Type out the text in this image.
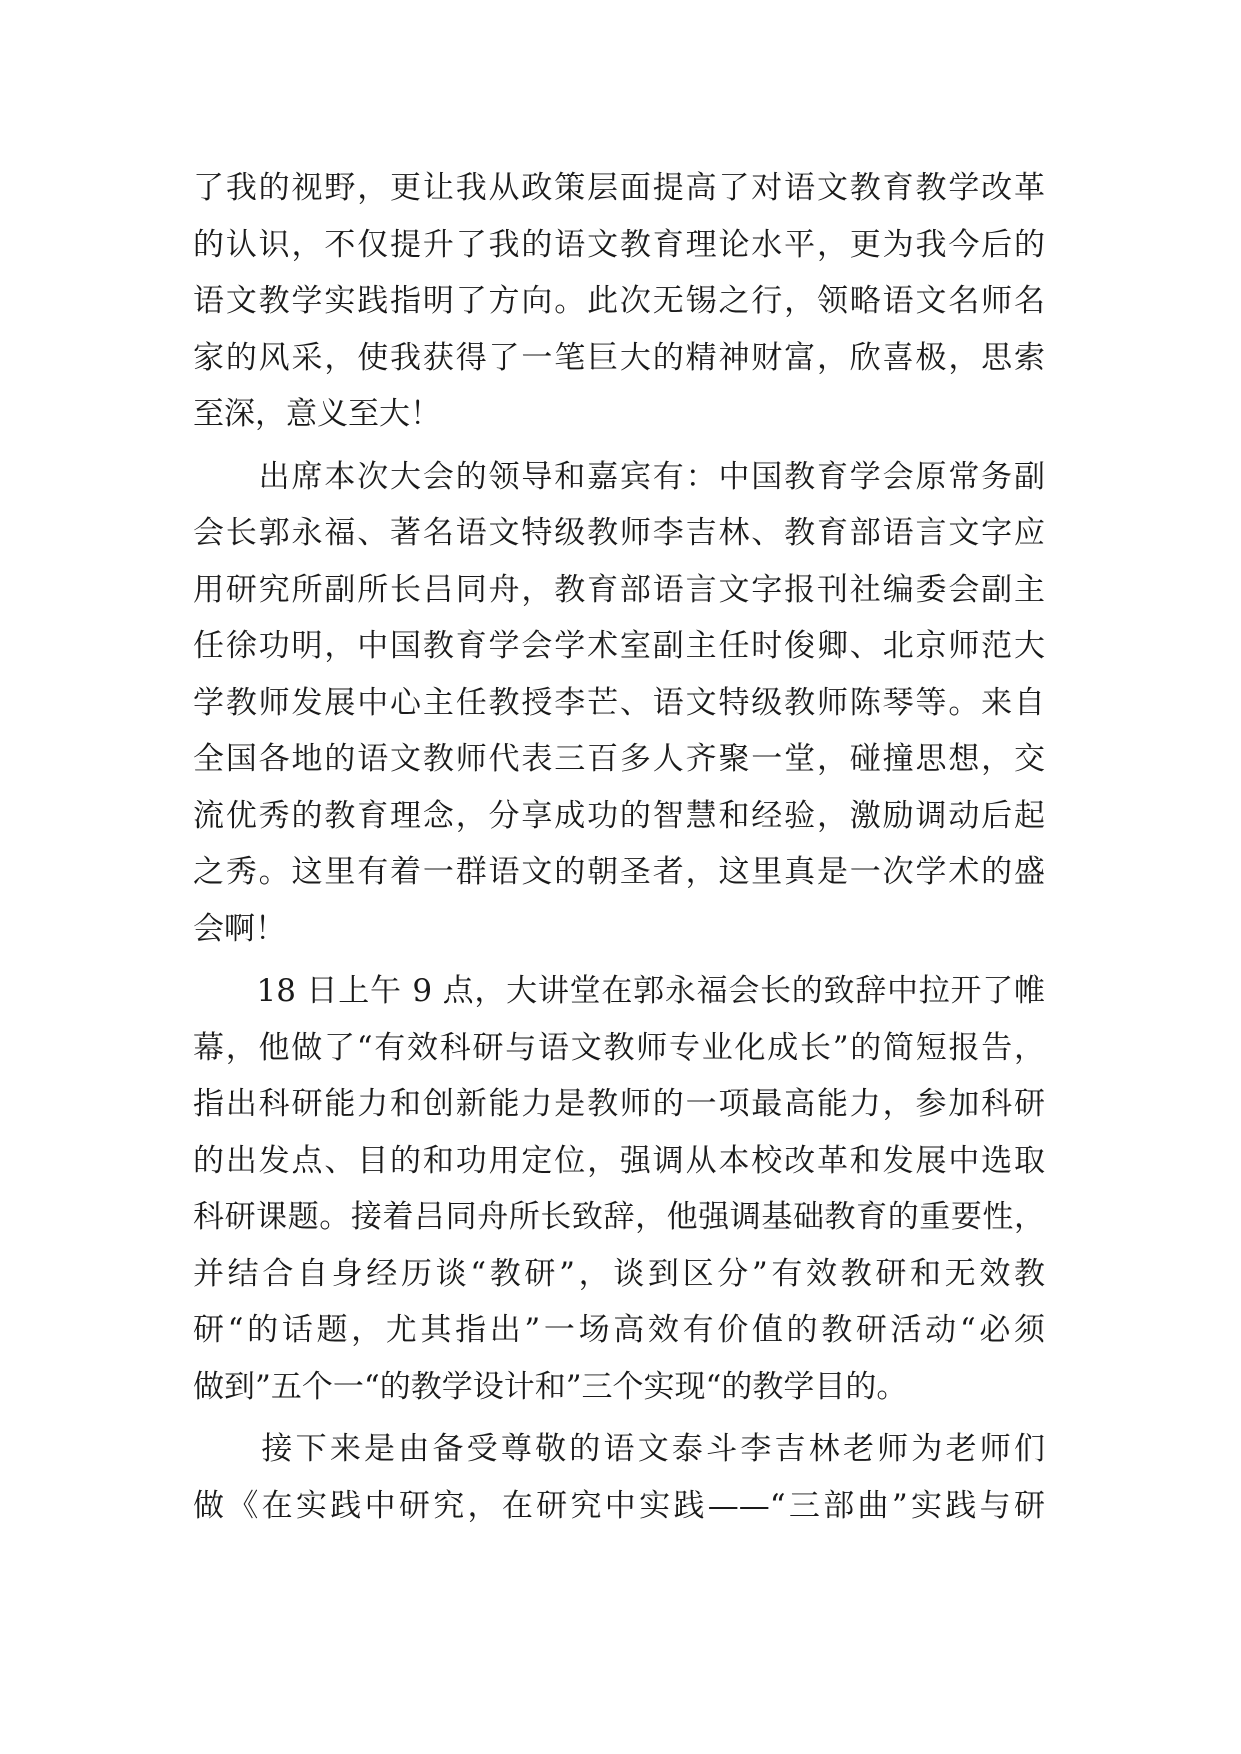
了我的视野，更让我从政策层面提高了对语文教育教学改革
的认识，不仅提升了我的语文教育理论水平，更为我今后的
语文教学实践指明了方向。此次无锡之行，领略语文名师名
家的风采，使我获得了一笔巨大的精神财富，欣喜极，思索
至深，意义至大！
　　出席本次大会的领导和嘉宾有：中国教育学会原常务副
会长郭永福、著名语文特级教师李吉林、教育部语言文字应
用研究所副所长吕同舟，教育部语言文字报刊社编委会副主
任徐功明，中国教育学会学术室副主任时俊卿、北京师范大
学教师发展中心主任教授李芒、语文特级教师陈琴等。来自
全国各地的语文教师代表三百多人齐聚一堂，碰撞思想，交
流优秀的教育理念，分享成功的智慧和经验，激励调动后起
之秀。这里有着一群语文的朝圣者，这里真是一次学术的盛
会啊！
　　18 日上午 9 点，大讲堂在郭永福会长的致辞中拉开了帷
幕，他做了“有效科研与语文教师专业化成长”的简短报告，
指出科研能力和创新能力是教师的一项最高能力，参加科研
的出发点、目的和功用定位，强调从本校改革和发展中选取
科研课题。接着吕同舟所长致辞，他强调基础教育的重要性，
并结合自身经历谈“教研”，谈到区分”有效教研和无效教
研“的话题，尤其指出”一场高效有价值的教研活动“必须
做到”五个一“的教学设计和”三个实现“的教学目的。
　　接下来是由备受尊敬的语文泰斗李吉林老师为老师们
做《在实践中研究，在研究中实践——“三部曲”实践与研
